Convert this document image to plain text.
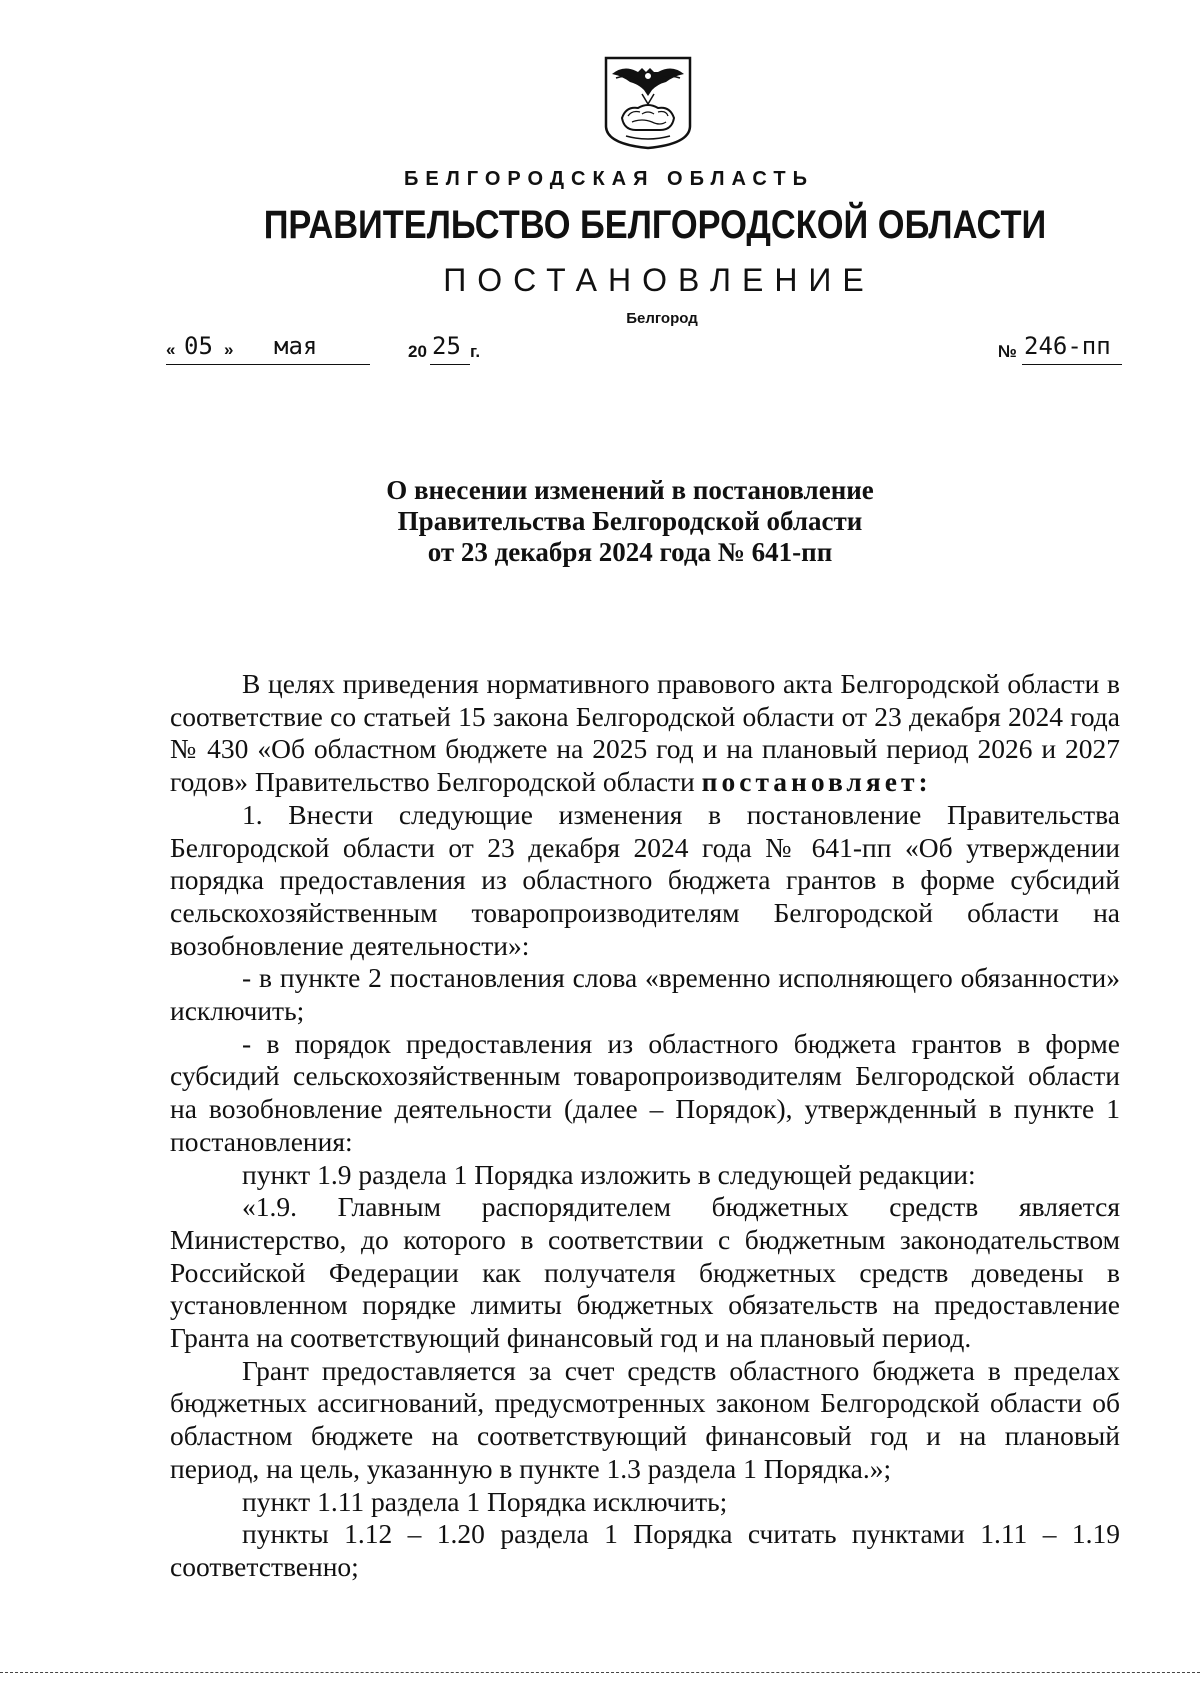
БЕЛГОРОДСКАЯ ОБЛАСТЬ
ПРАВИТЕЛЬСТВО БЕЛГОРОДСКОЙ ОБЛАСТИ
ПОСТАНОВЛЕНИЕ
Белгород
« 05 » мая	20 25 г.	№ 246-пп
О внесении изменений в постановление
Правительства Белгородской области
от 23 декабря 2024 года № 641-пп

В целях приведения нормативного правового акта Белгородской области в соответствие со статьей 15 закона Белгородской области от 23 декабря 2024 года № 430 «Об областном бюджете на 2025 год и на плановый период 2026 и 2027 годов» Правительство Белгородской области постановляет:

1. Внести следующие изменения в постановление Правительства Белгородской области от 23 декабря 2024 года № 641-пп «Об утверждении порядка предоставления из областного бюджета грантов в форме субсидий сельскохозяйственным товаропроизводителям Белгородской области на возобновление деятельности»:

- в пункте 2 постановления слова «временно исполняющего обязанности» исключить;

- в порядок предоставления из областного бюджета грантов в форме субсидий сельскохозяйственным товаропроизводителям Белгородской области на возобновление деятельности (далее – Порядок), утвержденный в пункте 1 постановления:

пункт 1.9 раздела 1 Порядка изложить в следующей редакции:

«1.9. Главным распорядителем бюджетных средств является Министерство, до которого в соответствии с бюджетным законодательством Российской Федерации как получателя бюджетных средств доведены в установленном порядке лимиты бюджетных обязательств на предоставление Гранта на соответствующий финансовый год и на плановый период.

Грант предоставляется за счет средств областного бюджета в пределах бюджетных ассигнований, предусмотренных законом Белгородской области об областном бюджете на соответствующий финансовый год и на плановый период, на цель, указанную в пункте 1.3 раздела 1 Порядка.»;

пункт 1.11 раздела 1 Порядка исключить;

пункты 1.12 – 1.20 раздела 1 Порядка считать пунктами 1.11 – 1.19 соответственно;
